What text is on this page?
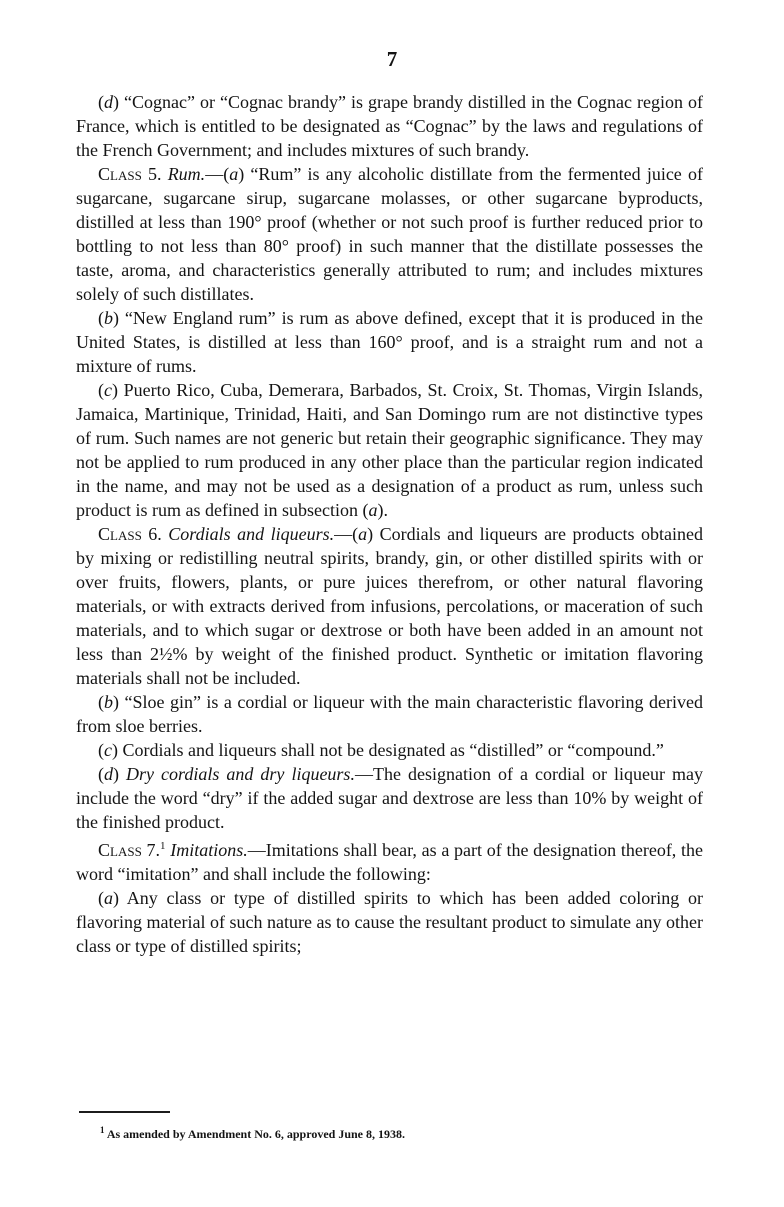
7

(d) “Cognac” or “Cognac brandy” is grape brandy distilled in the Cognac region of France, which is entitled to be designated as “Cognac” by the laws and regulations of the French Government; and includes mixtures of such brandy.

Class 5. Rum.—(a) “Rum” is any alcoholic distillate from the fermented juice of sugarcane, sugarcane sirup, sugarcane molasses, or other sugarcane byproducts, distilled at less than 190° proof (whether or not such proof is further reduced prior to bottling to not less than 80° proof) in such manner that the distillate possesses the taste, aroma, and characteristics generally attributed to rum; and includes mixtures solely of such distillates.

(b) “New England rum” is rum as above defined, except that it is produced in the United States, is distilled at less than 160° proof, and is a straight rum and not a mixture of rums.

(c) Puerto Rico, Cuba, Demerara, Barbados, St. Croix, St. Thomas, Virgin Islands, Jamaica, Martinique, Trinidad, Haiti, and San Domingo rum are not distinctive types of rum. Such names are not generic but retain their geographic significance. They may not be applied to rum produced in any other place than the particular region indicated in the name, and may not be used as a designation of a product as rum, unless such product is rum as defined in subsection (a).

Class 6. Cordials and liqueurs.—(a) Cordials and liqueurs are products obtained by mixing or redistilling neutral spirits, brandy, gin, or other distilled spirits with or over fruits, flowers, plants, or pure juices therefrom, or other natural flavoring materials, or with extracts derived from infusions, percolations, or maceration of such materials, and to which sugar or dextrose or both have been added in an amount not less than 2½% by weight of the finished product. Synthetic or imitation flavoring materials shall not be included.

(b) “Sloe gin” is a cordial or liqueur with the main characteristic flavoring derived from sloe berries.

(c) Cordials and liqueurs shall not be designated as “distilled” or “compound.”

(d) Dry cordials and dry liqueurs.—The designation of a cordial or liqueur may include the word “dry” if the added sugar and dextrose are less than 10% by weight of the finished product.

Class 7.$^1$ Imitations.—Imitations shall bear, as a part of the designation thereof, the word “imitation” and shall include the following:

(a) Any class or type of distilled spirits to which has been added coloring or flavoring material of such nature as to cause the resultant product to simulate any other class or type of distilled spirits;

$^1$ As amended by Amendment No. 6, approved June 8, 1938.
